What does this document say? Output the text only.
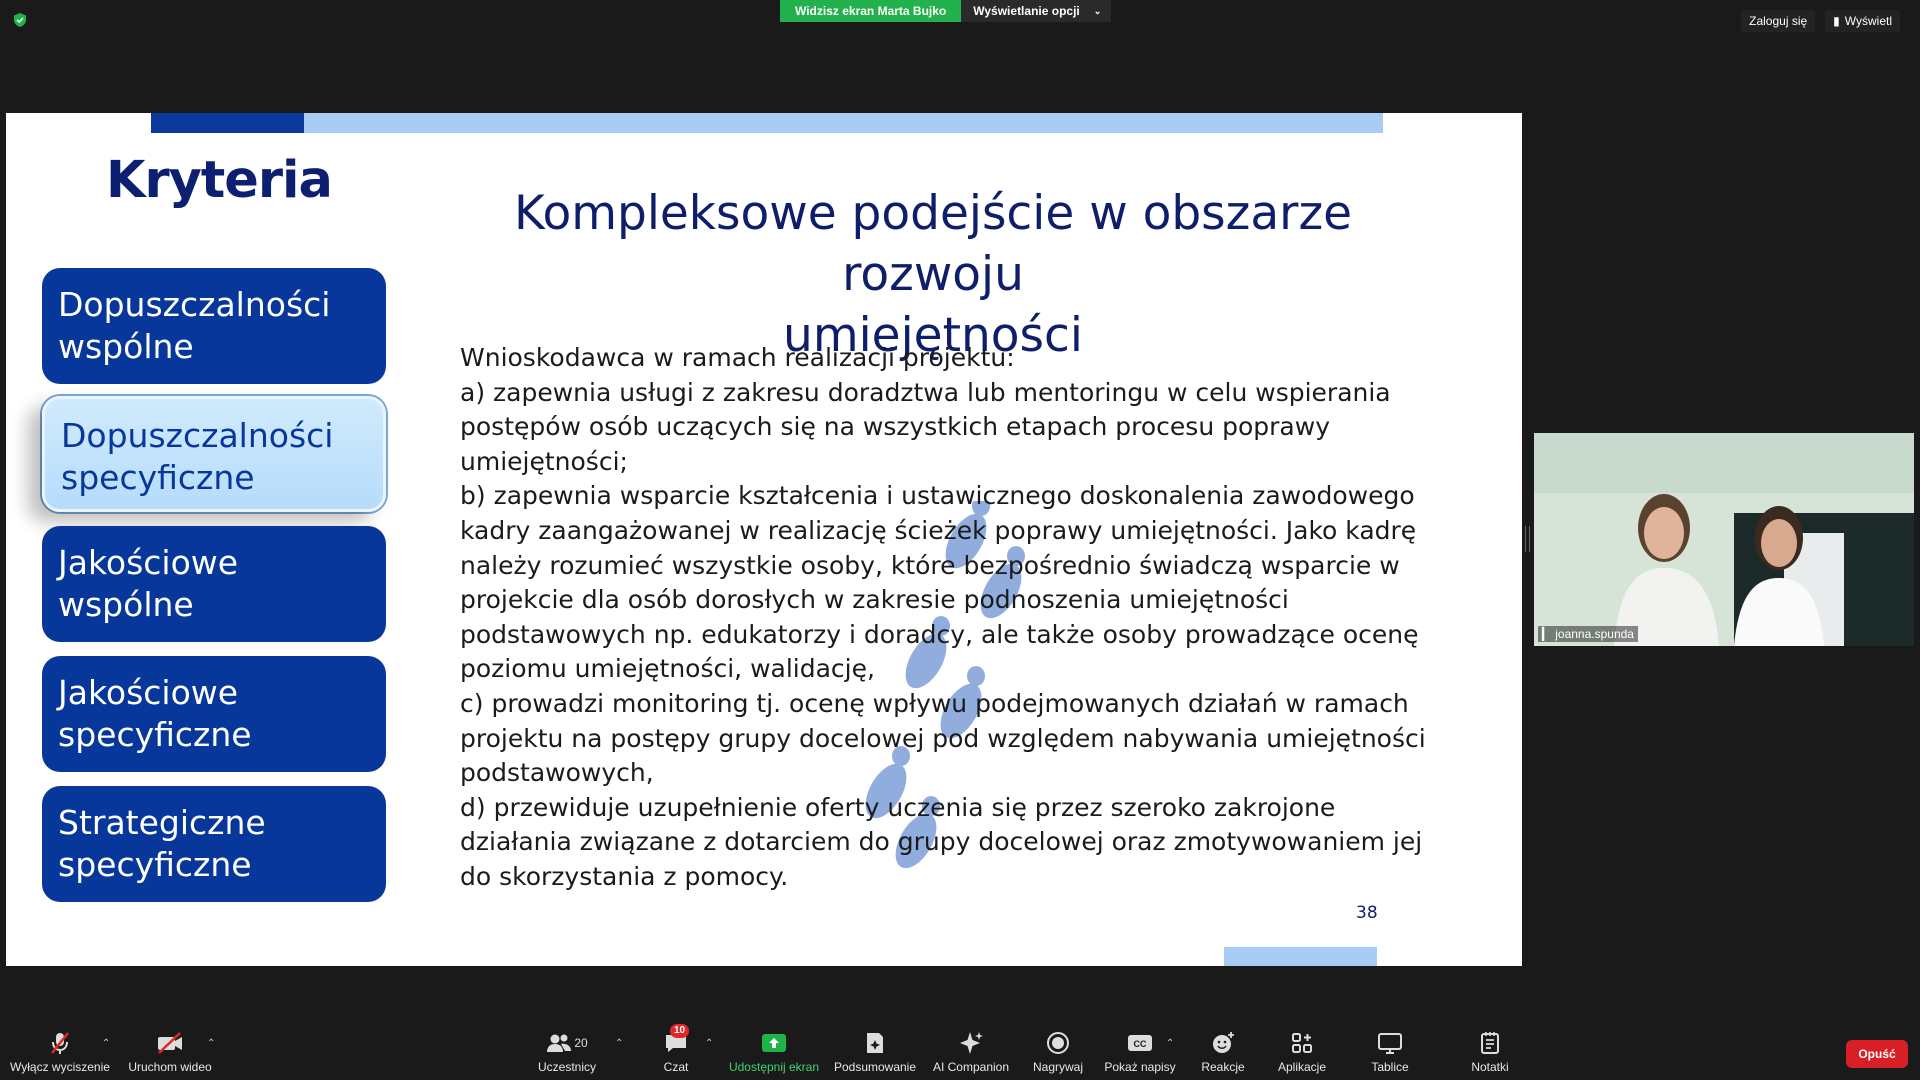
Widzisz ekran Marta Bujko	Wyświetlanie opcji ⌄
Zaloguj się ▮ Wyświetl
Kryteria
Dopuszczalności
wspólne
Dopuszczalności
specyficzne
Jakościowe
wspólne
Jakościowe
specyficzne
Strategiczne
specyficzne
Kompleksowe podejście w obszarze rozwoju
umiejętności

Wnioskodawca w ramach realizacji projektu:

a) zapewnia usługi z zakresu doradztwa lub mentoringu w celu wspierania postępów osób uczących się na wszystkich etapach procesu poprawy umiejętności;

b) zapewnia wsparcie kształcenia i ustawicznego doskonalenia zawodowego kadry zaangażowanej w realizację ścieżek poprawy umiejętności. Jako kadrę należy rozumieć wszystkie osoby, które bezpośrednio świadczą wsparcie w projekcie dla osób dorosłych w zakresie podnoszenia umiejętności podstawowych np. edukatorzy i doradcy, ale także osoby prowadzące ocenę poziomu umiejętności, walidację,

c) prowadzi monitoring tj. ocenę wpływu podejmowanych działań w ramach projektu na postępy grupy docelowej pod względem nabywania umiejętności podstawowych,

d) przewiduje uzupełnienie oferty uczenia się przez szeroko zakrojone działania związane z dotarciem do grupy docelowej oraz zmotywowaniem jej do skorzystania z pomocy.

38
▎ joanna.spunda
Wyłącz wyciszenie
⌃
Uruchom wideo
⌃	20
Uczestnicy
⌃
10
Czat
⌃
Udostępnij ekran Podsumowanie AI Companion	Nagrywaj
CC
Pokaż napisy
⌃
Reakcje	Aplikacje	Tablice	Notatki
Opuść
